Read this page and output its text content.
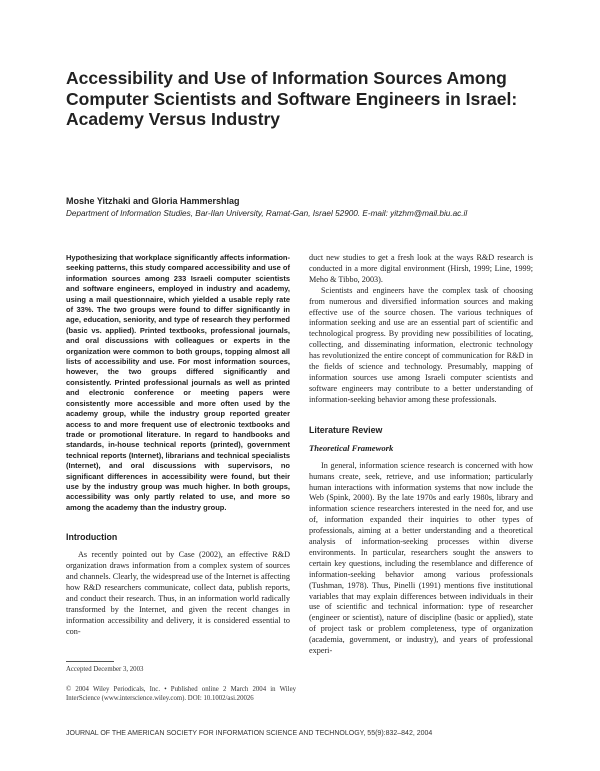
Accessibility and Use of Information Sources Among Computer Scientists and Software Engineers in Israel: Academy Versus Industry
Moshe Yitzhaki and Gloria Hammershlag
Department of Information Studies, Bar-Ilan University, Ramat-Gan, Israel 52900. E-mail: yitzhm@mail.biu.ac.il

Hypothesizing that workplace significantly affects information-seeking patterns, this study compared accessibility and use of information sources among 233 Israeli computer scientists and software engineers, employed in industry and academy, using a mail questionnaire, which yielded a usable reply rate of 33%. The two groups were found to differ significantly in age, education, seniority, and type of research they performed (basic vs. applied). Printed textbooks, professional journals, and oral discussions with colleagues or experts in the organization were common to both groups, topping almost all lists of accessibility and use. For most information sources, however, the two groups differed significantly and consistently. Printed professional journals as well as printed and electronic conference or meeting papers were consistently more accessible and more often used by the academy group, while the industry group reported greater access to and more frequent use of electronic textbooks and trade or promotional literature. In regard to handbooks and standards, in-house technical reports (printed), government technical reports (Internet), librarians and technical specialists (Internet), and oral discussions with supervisors, no significant differences in accessibility were found, but their use by the industry group was much higher. In both groups, accessibility was only partly related to use, and more so among the academy than the industry group.

Introduction

As recently pointed out by Case (2002), an effective R&D organization draws information from a complex system of sources and channels. Clearly, the widespread use of the Internet is affecting how R&D researchers communicate, collect data, publish reports, and conduct their research. Thus, in an information world radically transformed by the Internet, and given the recent changes in information accessibility and delivery, it is considered essential to con-

duct new studies to get a fresh look at the ways R&D research is conducted in a more digital environment (Hirsh, 1999; Line, 1999; Meho & Tibbo, 2003).

Scientists and engineers have the complex task of choosing from numerous and diversified information sources and making effective use of the source chosen. The various techniques of information seeking and use are an essential part of scientific and technological progress. By providing new possibilities of locating, collecting, and disseminating information, electronic technology has revolutionized the entire concept of communication for R&D in the fields of science and technology. Presumably, mapping of information sources use among Israeli computer scientists and software engineers may contribute to a better understanding of information-seeking behavior among these professionals.

Literature Review
Theoretical Framework

In general, information science research is concerned with how humans create, seek, retrieve, and use information; particularly human interactions with information systems that now include the Web (Spink, 2000). By the late 1970s and early 1980s, library and information science researchers interested in the need for, and use of, information expanded their inquiries to other types of professionals, aiming at a better understanding and a theoretical analysis of information-seeking processes within diverse environments. In particular, researchers sought the answers to certain key questions, including the resemblance and difference of information-seeking behavior among various professionals (Tushman, 1978). Thus, Pinelli (1991) mentions five institutional variables that may explain differences between individuals in their use of scientific and technical information: type of researcher (engineer or scientist), nature of discipline (basic or applied), state of project task or problem completeness, type of organization (academia, government, or industry), and years of professional experi-

Accepted December 3, 2003
© 2004 Wiley Periodicals, Inc. • Published online 2 March 2004 in Wiley InterScience (www.interscience.wiley.com). DOI: 10.1002/asi.20026
JOURNAL OF THE AMERICAN SOCIETY FOR INFORMATION SCIENCE AND TECHNOLOGY, 55(9):832–842, 2004
